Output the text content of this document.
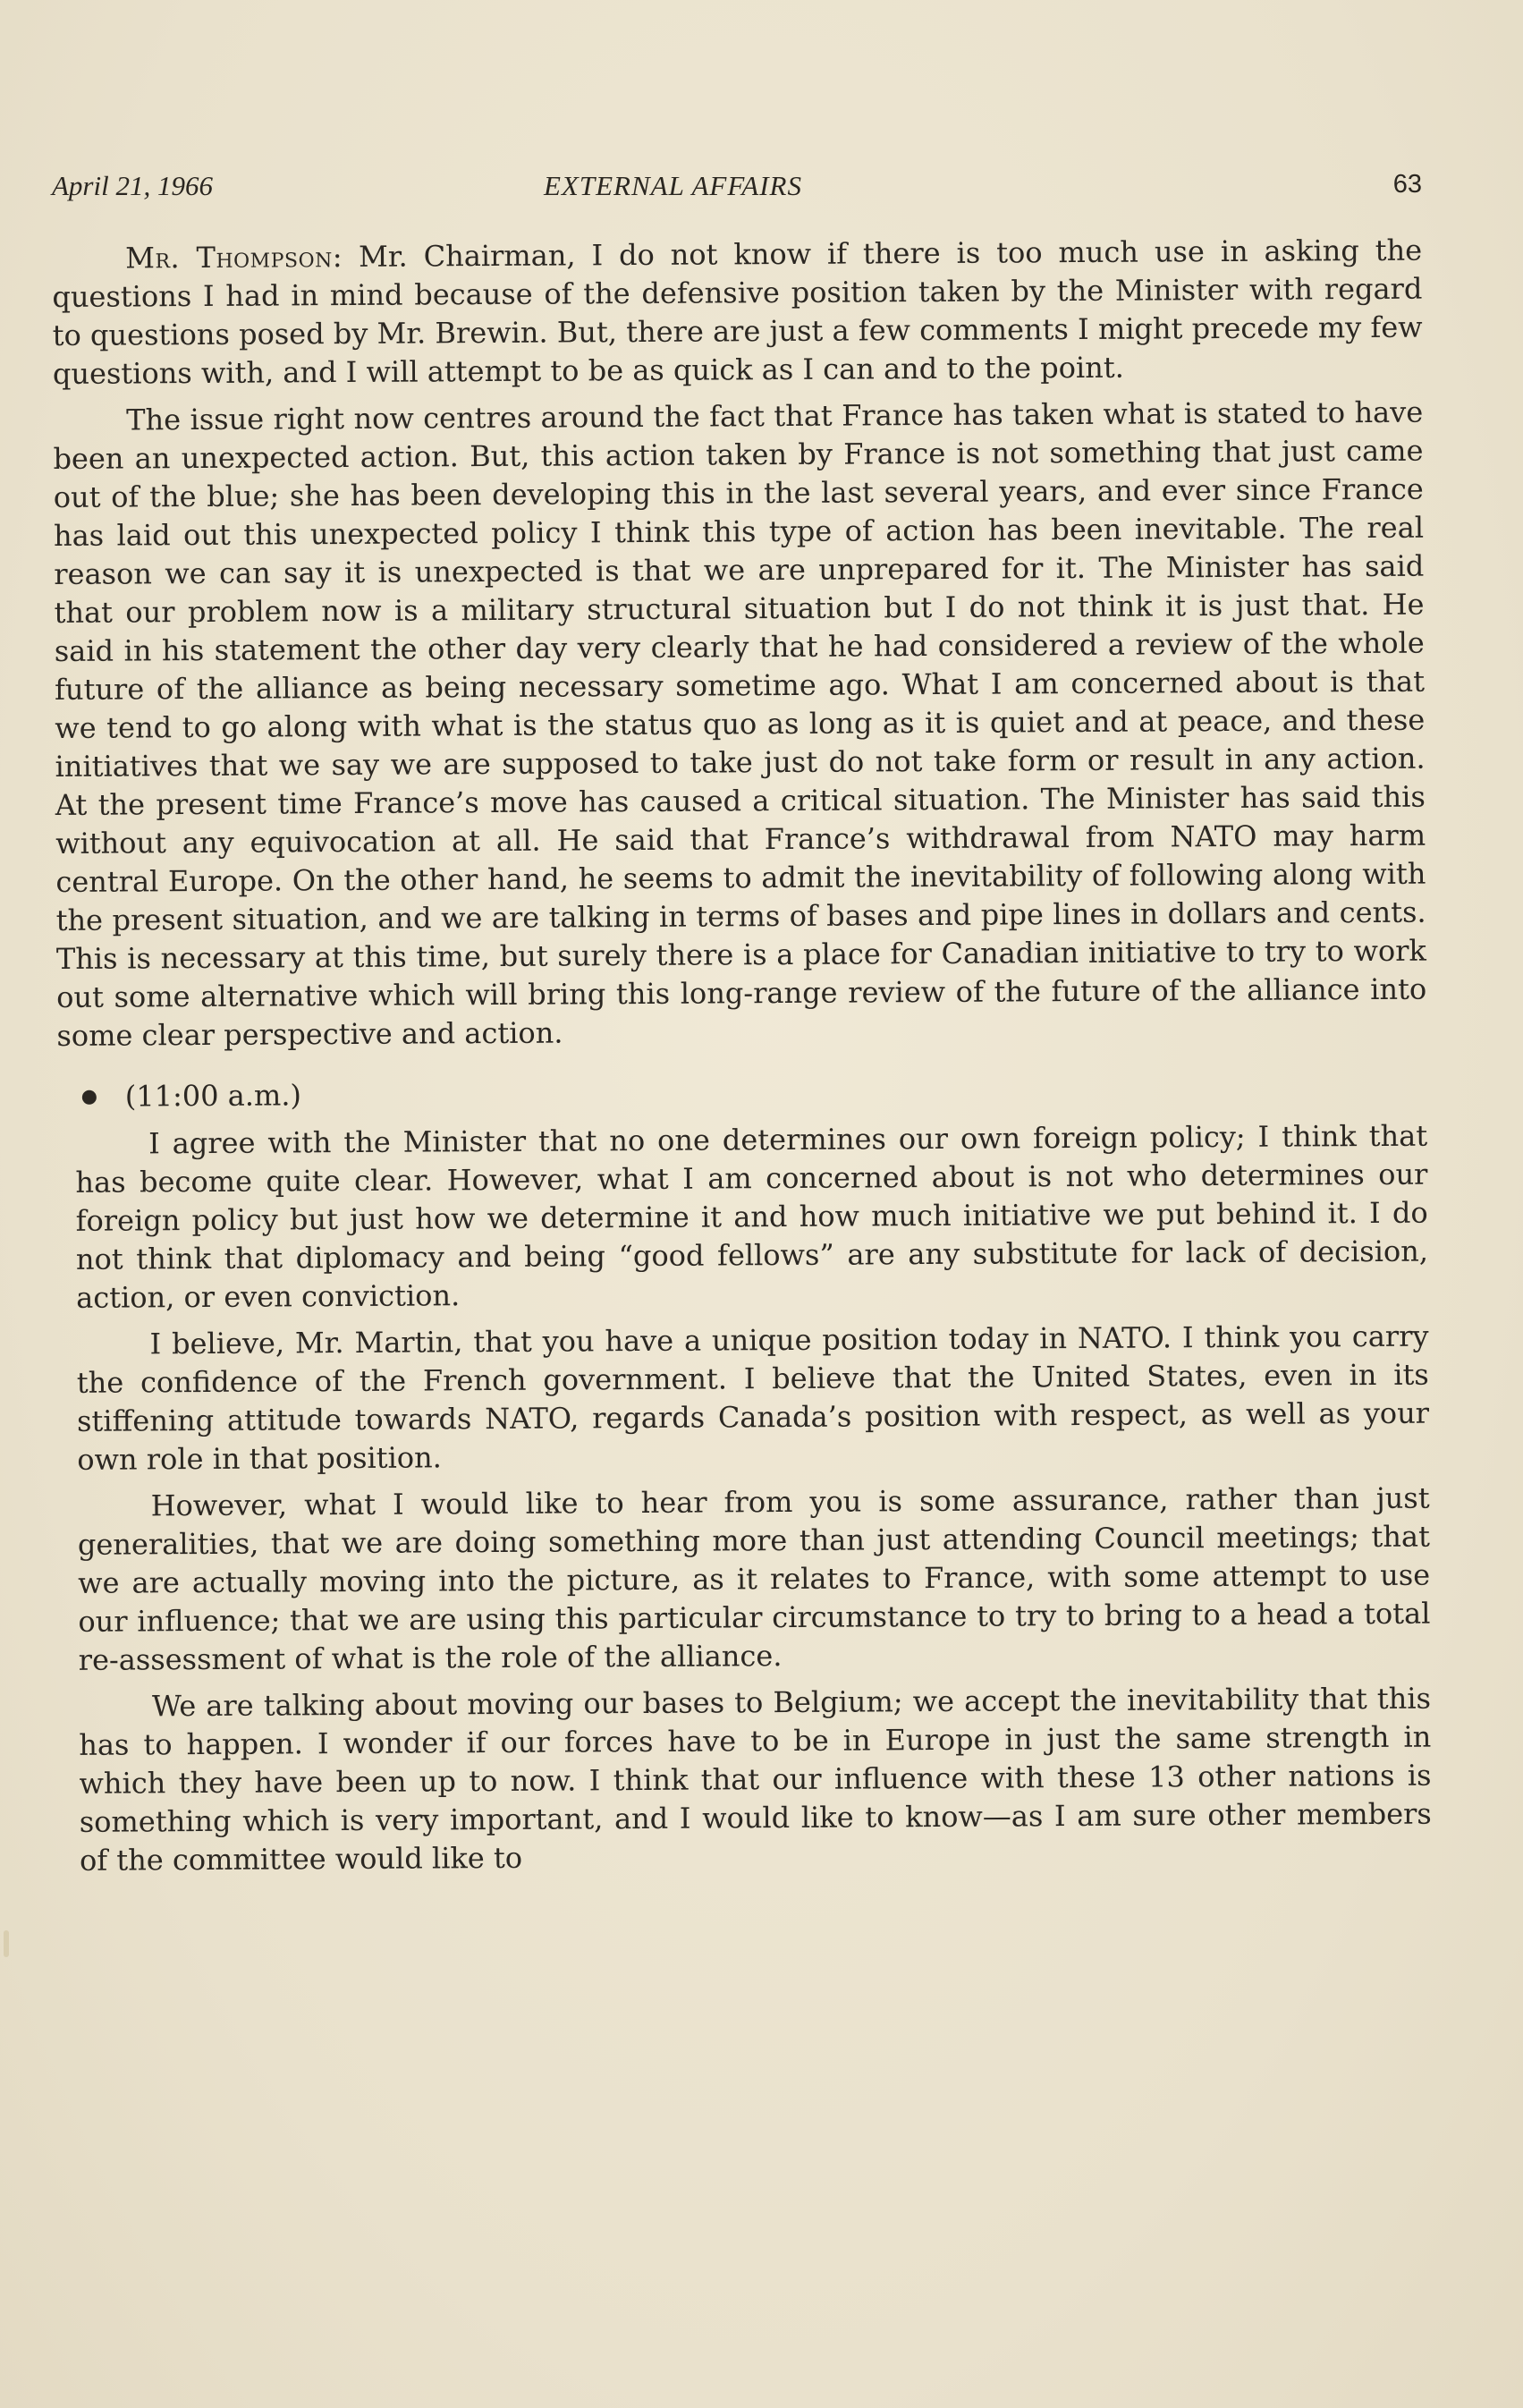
April 21, 1966	EXTERNAL AFFAIRS	63

Mr. Thompson: Mr. Chairman, I do not know if there is too much use in asking the questions I had in mind because of the defensive position taken by the Minister with regard to questions posed by Mr. Brewin. But, there are just a few comments I might precede my few questions with, and I will attempt to be as quick as I can and to the point.

The issue right now centres around the fact that France has taken what is stated to have been an unexpected action. But, this action taken by France is not something that just came out of the blue; she has been developing this in the last several years, and ever since France has laid out this unexpected policy I think this type of action has been inevitable. The real reason we can say it is unexpected is that we are unprepared for it. The Minister has said that our problem now is a military structural situation but I do not think it is just that. He said in his statement the other day very clearly that he had considered a review of the whole future of the alliance as being necessary sometime ago. What I am concerned about is that we tend to go along with what is the status quo as long as it is quiet and at peace, and these initiatives that we say we are supposed to take just do not take form or result in any action. At the present time France’s move has caused a critical situation. The Minister has said this without any equivocation at all. He said that France’s withdrawal from NATO may harm central Europe. On the other hand, he seems to admit the inevitability of following along with the present situation, and we are talking in terms of bases and pipe lines in dollars and cents. This is necessary at this time, but surely there is a place for Canadian initiative to try to work out some alternative which will bring this long-range review of the future of the alliance into some clear perspective and action.

(11:00 a.m.)

I agree with the Minister that no one determines our own foreign policy; I think that has become quite clear. However, what I am concerned about is not who determines our foreign policy but just how we determine it and how much initiative we put behind it. I do not think that diplomacy and being “good fellows” are any substitute for lack of decision, action, or even conviction.

I believe, Mr. Martin, that you have a unique position today in NATO. I think you carry the confidence of the French government. I believe that the United States, even in its stiffening attitude towards NATO, regards Canada’s position with respect, as well as your own role in that position.

However, what I would like to hear from you is some assurance, rather than just generalities, that we are doing something more than just attending Council meetings; that we are actually moving into the picture, as it relates to France, with some attempt to use our influence; that we are using this particular circumstance to try to bring to a head a total re-assessment of what is the role of the alliance.

We are talking about moving our bases to Belgium; we accept the inevitability that this has to happen. I wonder if our forces have to be in Europe in just the same strength in which they have been up to now. I think that our influence with these 13 other nations is something which is very important, and I would like to know—as I am sure other members of the committee would like to
